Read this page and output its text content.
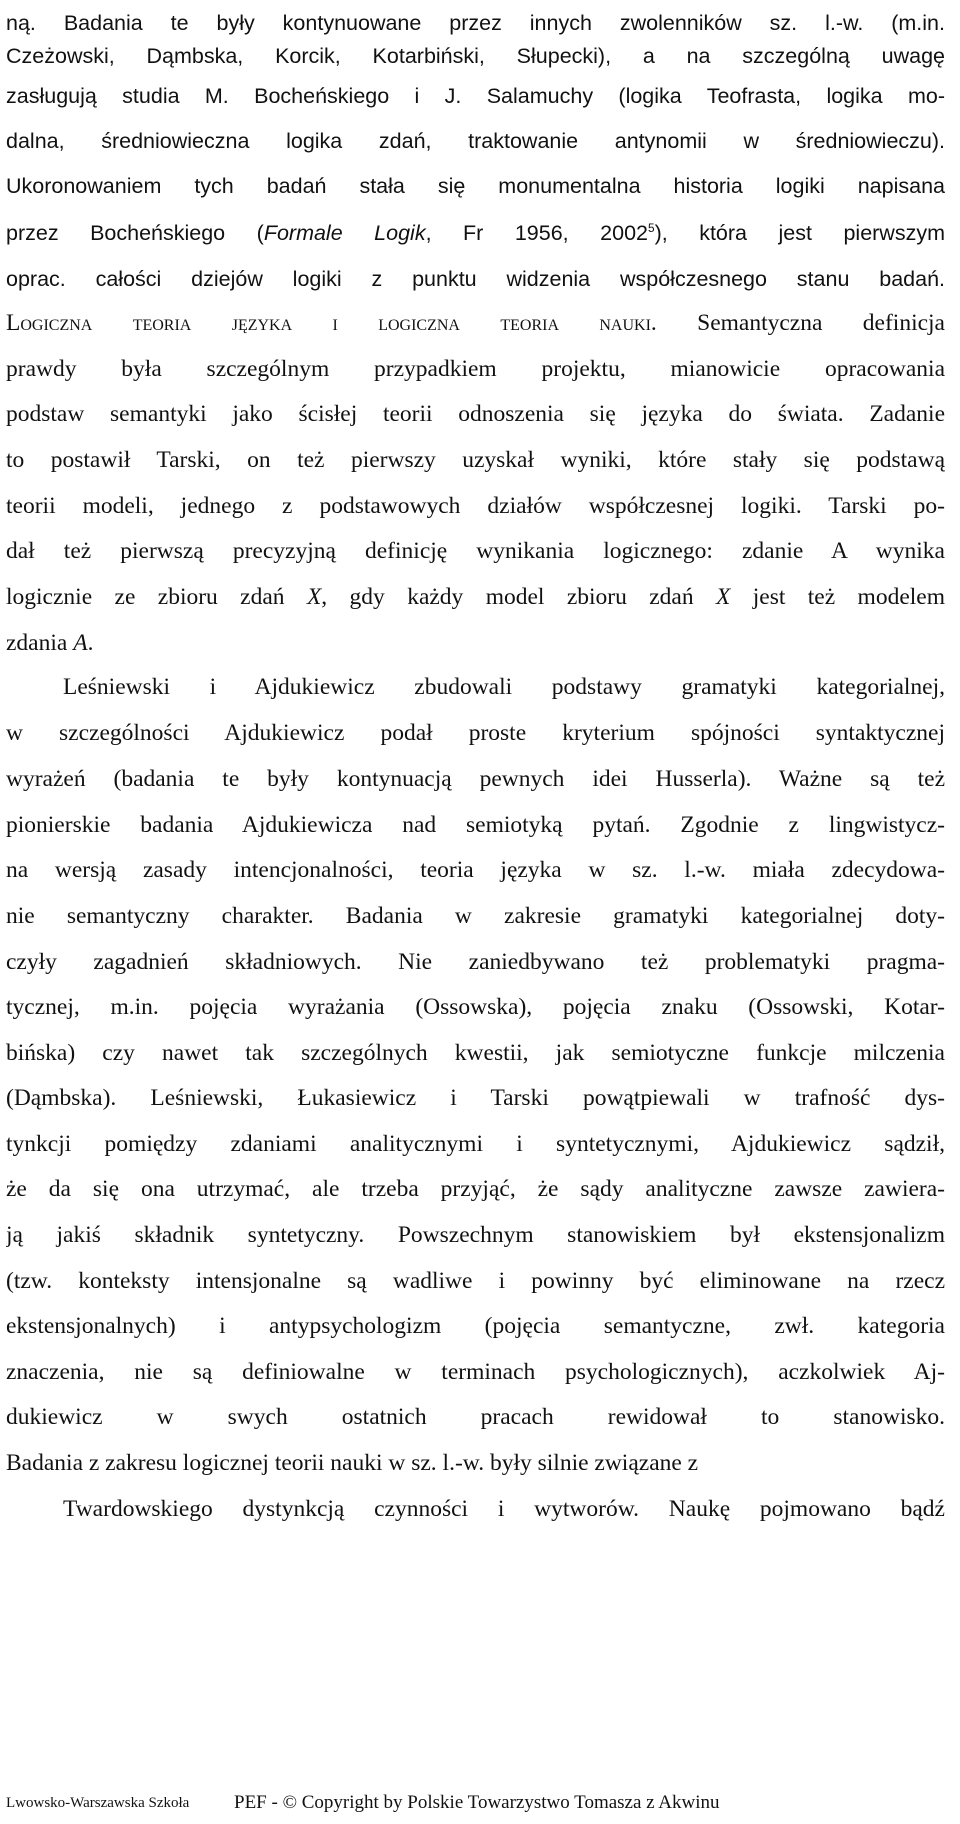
ną. Badania te były kontynuowane przez innych zwolenników sz. l.-w. (m.in.
Czeżowski, Dąmbska, Korcik, Kotarbiński, Słupecki), a na szczególną uwagę
zasługują studia M. Bocheńskiego i J. Salamuchy (logika Teofrasta, logika mo-
dalna, średniowieczna logika zdań, traktowanie antynomii w średniowieczu).
Ukoronowaniem tych badań stała się monumentalna historia logiki napisana
przez Bocheńskiego (Formale Logik, Fr 1956, 2002$^5$), która jest pierwszym
oprac. całości dziejów logiki z punktu widzenia współczesnego stanu badań.
Logiczna teoria języka i logiczna teoria nauki. Semantyczna definicja
prawdy była szczególnym przypadkiem projektu, mianowicie opracowania
podstaw semantyki jako ścisłej teorii odnoszenia się języka do świata. Zadanie
to postawił Tarski, on też pierwszy uzyskał wyniki, które stały się podstawą
teorii modeli, jednego z podstawowych działów współczesnej logiki. Tarski po-
dał też pierwszą precyzyjną definicję wynikania logicznego: zdanie A wynika
logicznie ze zbioru zdań X, gdy każdy model zbioru zdań X jest też modelem
zdania A.
Leśniewski i Ajdukiewicz zbudowali podstawy gramatyki kategorialnej,
w szczególności Ajdukiewicz podał proste kryterium spójności syntaktycznej
wyrażeń (badania te były kontynuacją pewnych idei Husserla). Ważne są też
pionierskie badania Ajdukiewicza nad semiotyką pytań. Zgodnie z lingwistycz-
na wersją zasady intencjonalności, teoria języka w sz. l.-w. miała zdecydowa-
nie semantyczny charakter. Badania w zakresie gramatyki kategorialnej doty-
czyły zagadnień składniowych. Nie zaniedbywano też problematyki pragma-
tycznej, m.in. pojęcia wyrażania (Ossowska), pojęcia znaku (Ossowski, Kotar-
bińska) czy nawet tak szczególnych kwestii, jak semiotyczne funkcje milczenia
(Dąmbska). Leśniewski, Łukasiewicz i Tarski powątpiewali w trafność dys-
tynkcji pomiędzy zdaniami analitycznymi i syntetycznymi, Ajdukiewicz sądził,
że da się ona utrzymać, ale trzeba przyjąć, że sądy analityczne zawsze zawiera-
ją jakiś składnik syntetyczny. Powszechnym stanowiskiem był ekstensjonalizm
(tzw. konteksty intensjonalne są wadliwe i powinny być eliminowane na rzecz
ekstensjonalnych) i antypsychologizm (pojęcia semantyczne, zwł. kategoria
znaczenia, nie są definiowalne w terminach psychologicznych), aczkolwiek Aj-
dukiewicz w swych ostatnich pracach rewidował to stanowisko.
Badania z zakresu logicznej teorii nauki w sz. l.-w. były silnie związane z
Twardowskiego dystynkcją czynności i wytworów. Naukę pojmowano bądź
Lwowsko-Warszawska Szkoła PEF - © Copyright by Polskie Towarzystwo Tomasza z Akwinu
